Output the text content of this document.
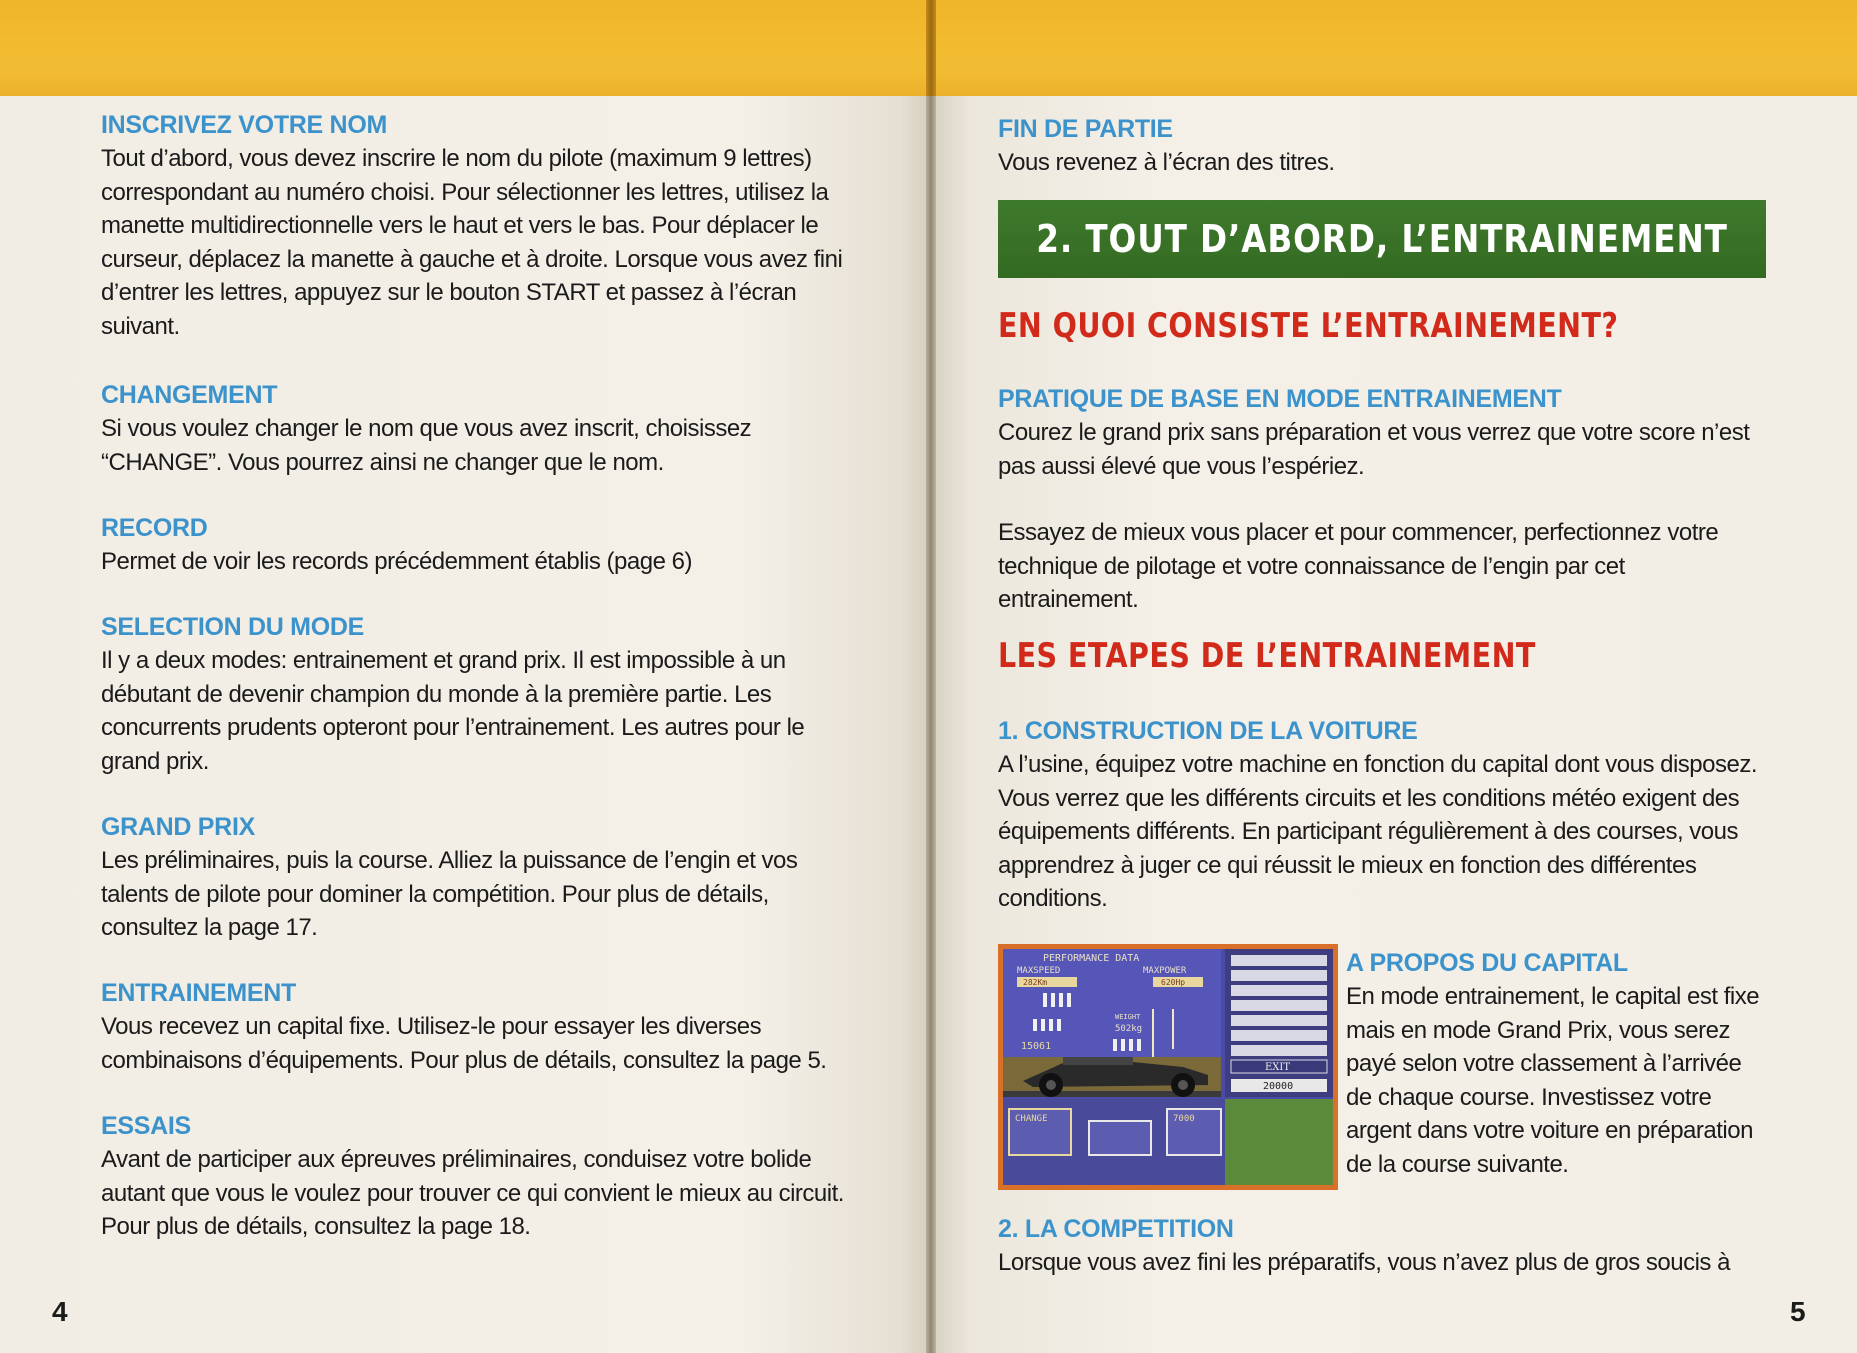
INSCRIVEZ VOTRE NOM
Tout d’abord, vous devez inscrire le nom du pilote (maximum 9 lettres)
correspondant au numéro choisi. Pour sélectionner les lettres, utilisez la
manette multidirectionnelle vers le haut et vers le bas. Pour déplacer le
curseur, déplacez la manette à gauche et à droite. Lorsque vous avez fini
d’entrer les lettres, appuyez sur le bouton START et passez à l’écran
suivant.
CHANGEMENT
Si vous voulez changer le nom que vous avez inscrit, choisissez
“CHANGE”. Vous pourrez ainsi ne changer que le nom.
RECORD
Permet de voir les records précédemment établis (page 6)
SELECTION DU MODE
Il y a deux modes: entrainement et grand prix. Il est impossible à un
débutant de devenir champion du monde à la première partie. Les
concurrents prudents opteront pour l’entrainement. Les autres pour le
grand prix.
GRAND PRIX
Les préliminaires, puis la course. Alliez la puissance de l’engin et vos
talents de pilote pour dominer la compétition. Pour plus de détails,
consultez la page 17.
ENTRAINEMENT
Vous recevez un capital fixe. Utilisez-le pour essayer les diverses
combinaisons d’équipements. Pour plus de détails, consultez la page 5.
ESSAIS
Avant de participer aux épreuves préliminaires, conduisez votre bolide
autant que vous le voulez pour trouver ce qui convient le mieux au circuit.
Pour plus de détails, consultez la page 18.
4
FIN DE PARTIE
Vous revenez à l’écran des titres.
EN QUOI CONSISTE L’ENTRAINEMENT?
PRATIQUE DE BASE EN MODE ENTRAINEMENT
Courez le grand prix sans préparation et vous verrez que votre score n’est
pas aussi élevé que vous l’espériez.
Essayez de mieux vous placer et pour commencer, perfectionnez votre
technique de pilotage et votre connaissance de l’engin par cet
entrainement.
LES ETAPES DE L’ENTRAINEMENT
1. CONSTRUCTION DE LA VOITURE
A l’usine, équipez votre machine en fonction du capital dont vous disposez.
Vous verrez que les différents circuits et les conditions météo exigent des
équipements différents. En participant régulièrement à des courses, vous
apprendrez à juger ce qui réussit le mieux en fonction des différentes
conditions.
2. LA COMPETITION
Lorsque vous avez fini les préparatifs, vous n’avez plus de gros soucis à
2. TOUT D’ABORD, L’ENTRAINEMENT
PERFORMANCE DATA
MAXSPEED	MAXPOWER
282Km	620Hp
WEIGHT
502kg
15061
EXIT
20000
CHANGE	7000
A PROPOS DU CAPITAL
En mode entrainement, le capital est fixe
mais en mode Grand Prix, vous serez
payé selon votre classement à l’arrivée
de chaque course. Investissez votre
argent dans votre voiture en préparation
de la course suivante.
5
